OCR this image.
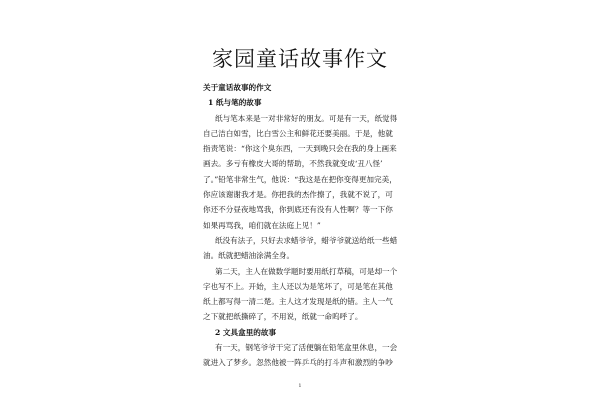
家园童话故事作文
关于童话故事的作文
1 纸与笔的故事
纸与笔本来是一对非常好的朋友。可是有一天，纸觉得
自己洁白如雪，比白雪公主和鲜花还要美丽。于是，他就
指责笔说：“你这个臭东西，一天到晚只会在我的身上画来
画去。多亏有橡皮大哥的帮助，不然我就变成‘丑八怪’
了。”铅笔非常生气，他说：“我这是在把你变得更加完美，
你应该谢谢我才是。你把我的杰作擦了，我就不说了，可
你还不分昼夜地骂我，你到底还有没有人性啊？等一下你
如果再骂我，咱们就在法庭上见！”
纸没有法子，只好去求蜡爷爷，蜡爷爷就送给纸一些蜡
油。纸就把蜡油涂满全身。
第二天，主人在做数学题时要用纸打草稿，可是却一个
字也写不上。开始，主人还以为是笔坏了，可是笔在其他
纸上都写得一清二楚。主人这才发现是纸的错。主人一气
之下就把纸撕碎了，不用说，纸就一命呜呼了。
2 文具盒里的故事
有一天，钢笔爷爷干完了活便躺在铅笔盒里休息，一会
就进入了梦乡。忽然他被一阵乒乓的打斗声和激烈的争吵
1
